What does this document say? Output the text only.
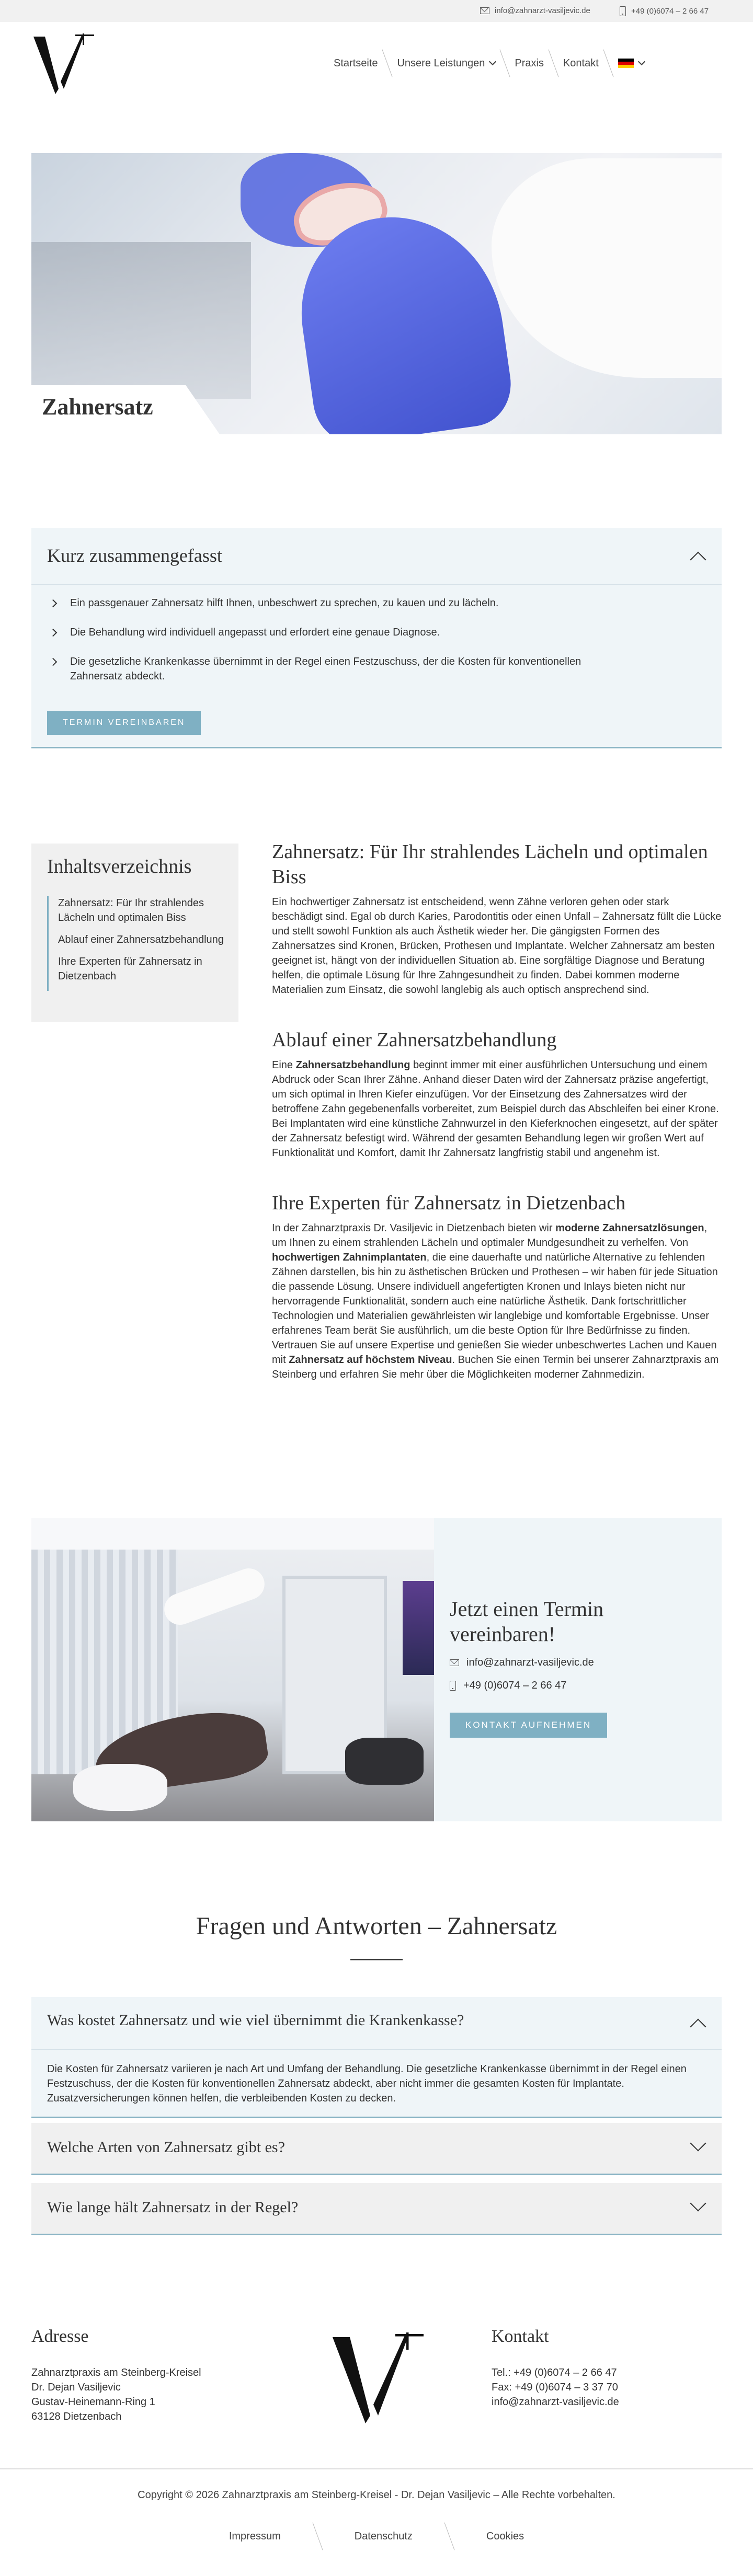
info@zahnarzt-vasiljevic.de	+49 (0)6074 – 2 66 47
Startseite	Unsere Leistungen	Praxis	Kontakt
Zahnersatz
Kurz zusammengefasst
Ein passgenauer Zahnersatz hilft Ihnen, unbeschwert zu sprechen, zu kauen und zu lächeln.
Die Behandlung wird individuell angepasst und erfordert eine genaue Diagnose.
Die gesetzliche Krankenkasse übernimmt in der Regel einen Festzuschuss, der die Kosten für konventionellen Zahnersatz abdeckt.
TERMIN VEREINBAREN
Inhaltsverzeichnis
Zahnersatz: Für Ihr strahlendes Lächeln und optimalen Biss
Ablauf einer Zahnersatzbehandlung
Ihre Experten für Zahnersatz in Dietzenbach
Zahnersatz: Für Ihr strahlendes Lächeln und optimalen Biss

Ein hochwertiger Zahnersatz ist entscheidend, wenn Zähne verloren gehen oder stark beschädigt sind. Egal ob durch Karies, Parodontitis oder einen Unfall – Zahnersatz füllt die Lücke und stellt sowohl Funktion als auch Ästhetik wieder her. Die gängigsten Formen des Zahnersatzes sind Kronen, Brücken, Prothesen und Implantate. Welcher Zahnersatz am besten geeignet ist, hängt von der individuellen Situation ab. Eine sorgfältige Diagnose und Beratung helfen, die optimale Lösung für Ihre Zahngesundheit zu finden. Dabei kommen moderne Materialien zum Einsatz, die sowohl langlebig als auch optisch ansprechend sind.

Ablauf einer Zahnersatzbehandlung

Eine Zahnersatzbehandlung beginnt immer mit einer ausführlichen Untersuchung und einem Abdruck oder Scan Ihrer Zähne. Anhand dieser Daten wird der Zahnersatz präzise angefertigt, um sich optimal in Ihren Kiefer einzufügen. Vor der Einsetzung des Zahnersatzes wird der betroffene Zahn gegebenenfalls vorbereitet, zum Beispiel durch das Abschleifen bei einer Krone. Bei Implantaten wird eine künstliche Zahnwurzel in den Kieferknochen eingesetzt, auf der später der Zahnersatz befestigt wird. Während der gesamten Behandlung legen wir großen Wert auf Funktionalität und Komfort, damit Ihr Zahnersatz langfristig stabil und angenehm ist.

Ihre Experten für Zahnersatz in Dietzenbach

In der Zahnarztpraxis Dr. Vasiljevic in Dietzenbach bieten wir moderne Zahnersatzlösungen, um Ihnen zu einem strahlenden Lächeln und optimaler Mundgesundheit zu verhelfen. Von hochwertigen Zahnimplantaten, die eine dauerhafte und natürliche Alternative zu fehlenden Zähnen darstellen, bis hin zu ästhetischen Brücken und Prothesen – wir haben für jede Situation die passende Lösung. Unsere individuell angefertigten Kronen und Inlays bieten nicht nur hervorragende Funktionalität, sondern auch eine natürliche Ästhetik. Dank fortschrittlicher Technologien und Materialien gewährleisten wir langlebige und komfortable Ergebnisse. Unser erfahrenes Team berät Sie ausführlich, um die beste Option für Ihre Bedürfnisse zu finden. Vertrauen Sie auf unsere Expertise und genießen Sie wieder unbeschwertes Lachen und Kauen mit Zahnersatz auf höchstem Niveau. Buchen Sie einen Termin bei unserer Zahnarztpraxis am Steinberg und erfahren Sie mehr über die Möglichkeiten moderner Zahnmedizin.

Jetzt einen Termin vereinbaren!
info@zahnarzt-vasiljevic.de
+49 (0)6074 – 2 66 47
KONTAKT AUFNEHMEN
Fragen und Antworten – Zahnersatz
Was kostet Zahnersatz und wie viel übernimmt die Krankenkasse?
Die Kosten für Zahnersatz variieren je nach Art und Umfang der Behandlung. Die gesetzliche Krankenkasse übernimmt in der Regel einen Festzuschuss, der die Kosten für konventionellen Zahnersatz abdeckt, aber nicht immer die gesamten Kosten für Implantate. Zusatzversicherungen können helfen, die verbleibenden Kosten zu decken.
Welche Arten von Zahnersatz gibt es?
Wie lange hält Zahnersatz in der Regel?
Adresse
Zahnarztpraxis am Steinberg-Kreisel
Dr. Dejan Vasiljevic
Gustav-Heinemann-Ring 1
63128 Dietzenbach
Kontakt
Tel.: +49 (0)6074 – 2 66 47
Fax: +49 (0)6074 – 3 37 70
info@zahnarzt-vasiljevic.de
Copyright © 2026 Zahnarztpraxis am Steinberg-Kreisel - Dr. Dejan Vasiljevic – Alle Rechte vorbehalten.
Impressum	Datenschutz	Cookies
